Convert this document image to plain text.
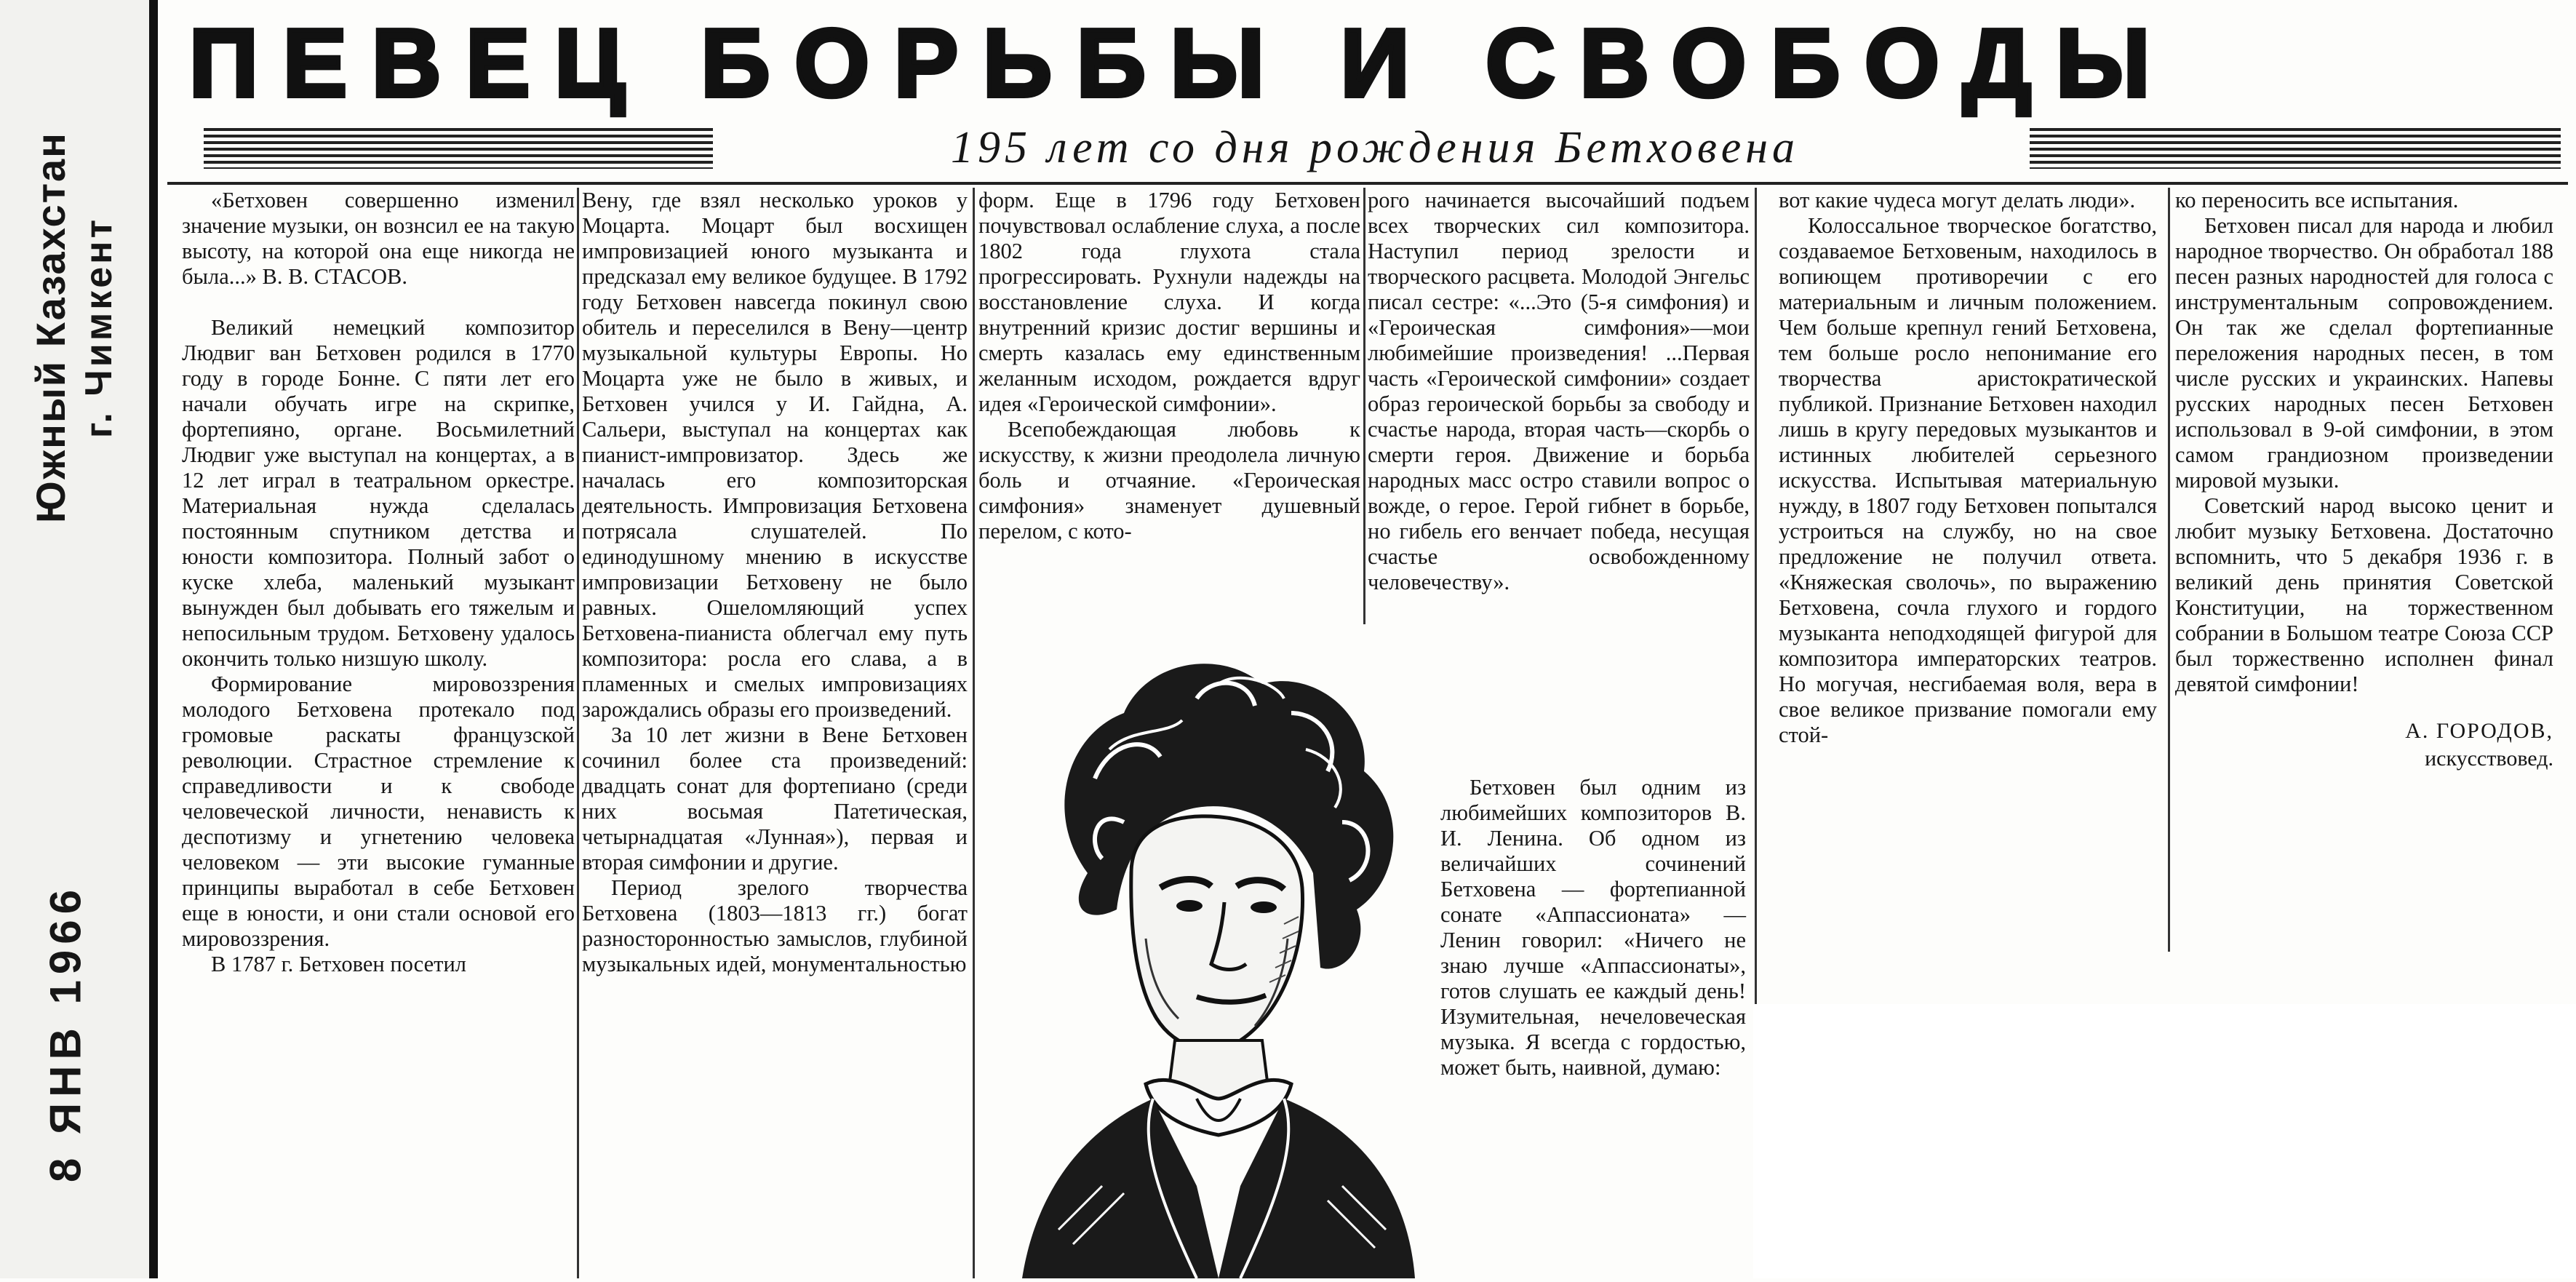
Южный Казахстан г. Чимкент
8 ЯНВ 1966
ПЕВЕЦ БОРЬБЫ И СВОБОДЫ
195 лет со дня рождения Бетховена

«Бетховен совершенно изменил значение музыки, он вознсил ее на такую высоту, на которой она еще никогда не была...» В. В. СТАСОВ.

Великий немецкий композитор Людвиг ван Бетховен родился в 1770 году в городе Бонне. С пяти лет его начали обучать игре на скрипке, фортепияно, органе. Восьмилетний Людвиг уже выступал на концертах, а в 12 лет играл в театральном оркестре. Материальная нужда сделалась постоянным спутником детства и юности композитора. Полный забот о куске хлеба, маленький музыкант вынужден был добывать его тяжелым и непосильным трудом. Бетховену удалось окончить только низшую школу.

Формирование мировоззрения молодого Бетховена протекало под громовые раскаты французской революции. Страстное стремление к справедливости и к свободе человеческой личности, ненависть к деспотизму и угнетению человека человеком — эти высокие гуманные принципы выработал в себе Бетховен еще в юности, и они стали основой его мировоззрения.

В 1787 г. Бетховен посетил

Вену, где взял несколько уроков у Моцарта. Моцарт был восхищен импровизацией юного музыканта и предсказал ему великое будущее. В 1792 году Бетховен навсегда покинул свою обитель и переселился в Вену—центр музыкальной культуры Европы. Но Моцарта уже не было в живых, и Бетховен учился у И. Гайдна, А. Сальери, выступал на концертах как пианист-импровизатор. Здесь же началась его композиторская деятельность. Импровизация Бетховена потрясала слушателей. По единодушному мнению в искусстве импровизации Бетховену не было равных. Ошеломляющий успех Бетховена-пианиста облегчал ему путь композитора: росла его слава, а в пламенных и смелых импровизациях зарождались образы его произведений.

За 10 лет жизни в Вене Бетховен сочинил более ста произведений: двадцать сонат для фортепиано (среди них восьмая Патетическая, четырнадцатая «Лунная»), первая и вторая симфонии и другие.

Период зрелого творчества Бетховена (1803—1813 гг.) богат разносторонностью замыслов, глубиной музыкальных идей, монументальностью

форм. Еще в 1796 году Бетховен почувствовал ослабление слуха, а после 1802 года глухота стала прогрессировать. Рухнули надежды на восстановление слуха. И когда внутренний кризис достиг вершины и смерть казалась ему единственным желанным исходом, рождается вдруг идея «Героической симфонии».

Всепобеждающая любовь к искусству, к жизни преодолела личную боль и отчаяние. «Героическая симфония» знаменует душевный перелом, с кото-

рого начинается высочайший подъем всех творческих сил композитора. Наступил период зрелости и творческого расцвета. Молодой Энгельс писал сестре: «...Это (5-я симфония) и «Героическая симфония»—мои любимейшие произведения! ...Первая часть «Героической симфонии» создает образ героической борьбы за свободу и счастье народа, вторая часть—скорбь о смерти героя. Движение и борьба народных масс остро ставили вопрос о вожде, о герое. Герой гибнет в борьбе, но гибель его венчает победа, несущая счастье освобожденному человечеству».

Бетховен был одним из любимейших композиторов В. И. Ленина. Об одном из величайших сочинений Бетховена — фортепианной сонате «Аппассионата» — Ленин говорил: «Ничего не знаю лучше «Аппассионаты», готов слушать ее каждый день! Изумительная, нечеловеческая музыка. Я всегда с гордостью, может быть, наивной, думаю:

вот какие чудеса могут делать люди».

Колоссальное творческое богатство, создаваемое Бетховеным, находилось в вопиющем противоречии с его материальным и личным положением. Чем больше крепнул гений Бетховена, тем больше росло непонимание его творчества аристократической публикой. Признание Бетховен находил лишь в кругу передовых музыкантов и истинных любителей серьезного искусства. Испытывая материальную нужду, в 1807 году Бетховен попытался устроиться на службу, но на свое предложение не получил ответа. «Княжеская сволочь», по выражению Бетховена, сочла глухого и гордого музыканта неподходящей фигурой для композитора императорских театров. Но могучая, несгибаемая воля, вера в свое великое призвание помогали ему стой-

ко переносить все испытания.

Бетховен писал для народа и любил народное творчество. Он обработал 188 песен разных народностей для голоса с инструментальным сопровождением. Он так же сделал фортепианные переложения народных песен, в том числе русских и украинских. Напевы русских народных песен Бетховен использовал в 9-ой симфонии, в этом самом грандиозном произведении мировой музыки.

Советский народ высоко ценит и любит музыку Бетховена. Достаточно вспомнить, что 5 декабря 1936 г. в великий день принятия Советской Конституции, на торжественном собрании в Большом театре Союза ССР был торжественно исполнен финал девятой симфонии!

А. ГОРОДОВ,
искусствовед.
